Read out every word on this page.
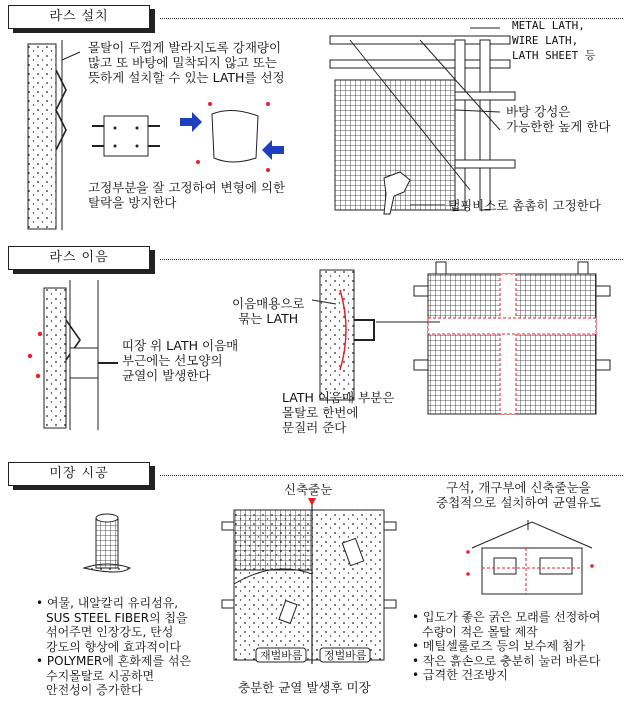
라스 설치
라스 이음
미장 시공
몰탈이 두껍게 발라지도록 강재량이
많고 또 바탕에 밀착되지 않고 또는
뜻하게 설치할 수 있는 LATH를 선정
고정부분을 잘 고정하여 변형에 의한
탈락을 방지한다
METAL LATH,
WIRE LATH,
LATH SHEET 등
바탕 강성은
가능한한 높게 한다
탭핑비스로 촘촘히 고정한다
띠장 위 LATH 이음매
부근에는 선모양의
균열이 발생한다
이음매용으로
묶는 LATH
LATH 이음매 부분은
몰탈로 한번에
문질러 준다
• 여물, 내알칼리 유리섬유,
SUS STEEL FIBER의 칩을
섞어주면 인장강도, 탄성
강도의 향상에 효과적이다
• POLYMER에 혼화제를 섞은
수지몰탈로 시공하면
안전성이 증가한다
신축줄눈
재벌바름 정벌바름
충분한 균열 발생후 미장
구석, 개구부에 신축줄눈을
중첩적으로 설치하여 균열유도
• 입도가 좋은 굵은 모래를 선정하여
수량이 적은 몰탈 제작
• 메틸셀룰로즈 등의 보수제 첨가
• 작은 흙손으로 충분히 눌러 바른다
• 급격한 건조방지
